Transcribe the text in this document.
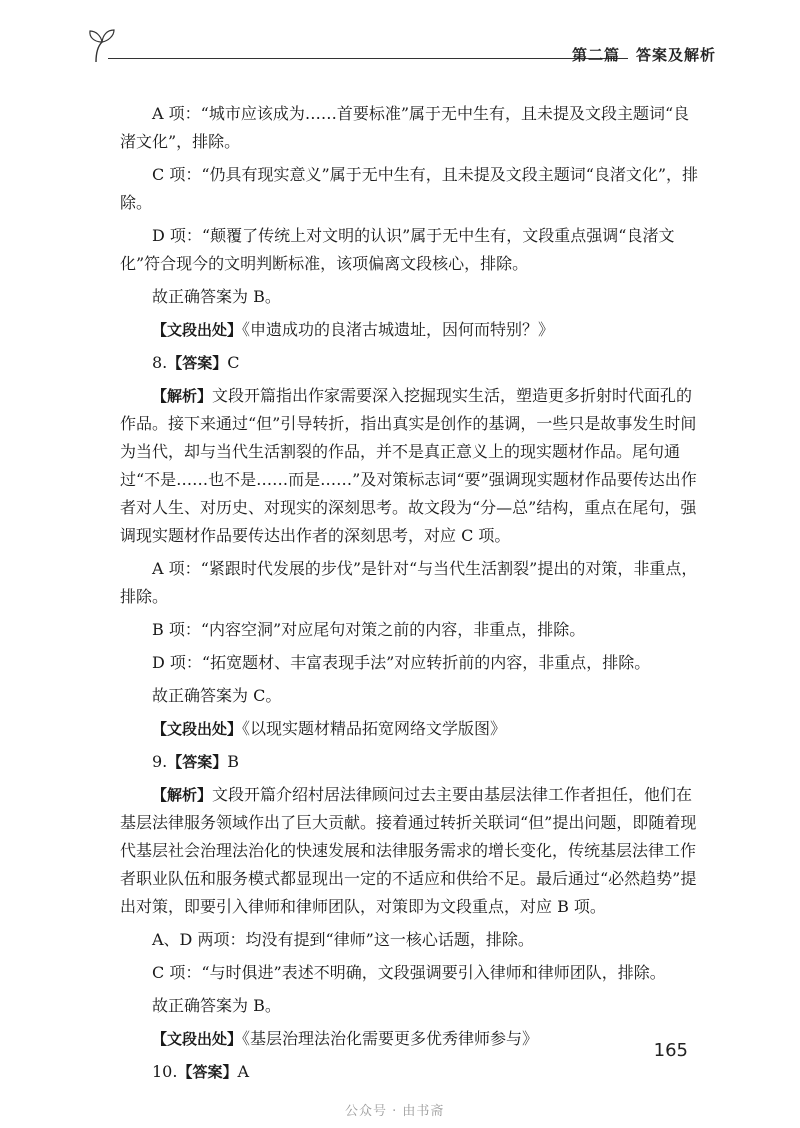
第二篇　答案及解析

A 项：“城市应该成为……首要标准”属于无中生有，且未提及文段主题词“良渚文化”，排除。

C 项：“仍具有现实意义”属于无中生有，且未提及文段主题词“良渚文化”，排除。

D 项：“颠覆了传统上对文明的认识”属于无中生有，文段重点强调“良渚文化”符合现今的文明判断标准，该项偏离文段核心，排除。

故正确答案为 B。

【文段出处】《申遗成功的良渚古城遗址，因何而特别？》

8.【答案】C

【解析】文段开篇指出作家需要深入挖掘现实生活，塑造更多折射时代面孔的作品。接下来通过“但”引导转折，指出真实是创作的基调，一些只是故事发生时间为当代，却与当代生活割裂的作品，并不是真正意义上的现实题材作品。尾句通过“不是……也不是……而是……”及对策标志词“要”强调现实题材作品要传达出作者对人生、对历史、对现实的深刻思考。故文段为“分—总”结构，重点在尾句，强调现实题材作品要传达出作者的深刻思考，对应 C 项。

A 项：“紧跟时代发展的步伐”是针对“与当代生活割裂”提出的对策，非重点，排除。

B 项：“内容空洞”对应尾句对策之前的内容，非重点，排除。

D 项：“拓宽题材、丰富表现手法”对应转折前的内容，非重点，排除。

故正确答案为 C。

【文段出处】《以现实题材精品拓宽网络文学版图》

9.【答案】B

【解析】文段开篇介绍村居法律顾问过去主要由基层法律工作者担任，他们在基层法律服务领域作出了巨大贡献。接着通过转折关联词“但”提出问题，即随着现代基层社会治理法治化的快速发展和法律服务需求的增长变化，传统基层法律工作者职业队伍和服务模式都显现出一定的不适应和供给不足。最后通过“必然趋势”提出对策，即要引入律师和律师团队，对策即为文段重点，对应 B 项。

A、D 两项：均没有提到“律师”这一核心话题，排除。

C 项：“与时俱进”表述不明确，文段强调要引入律师和律师团队，排除。

故正确答案为 B。

【文段出处】《基层治理法治化需要更多优秀律师参与》

10.【答案】A

165
公众号 · 由书斋
